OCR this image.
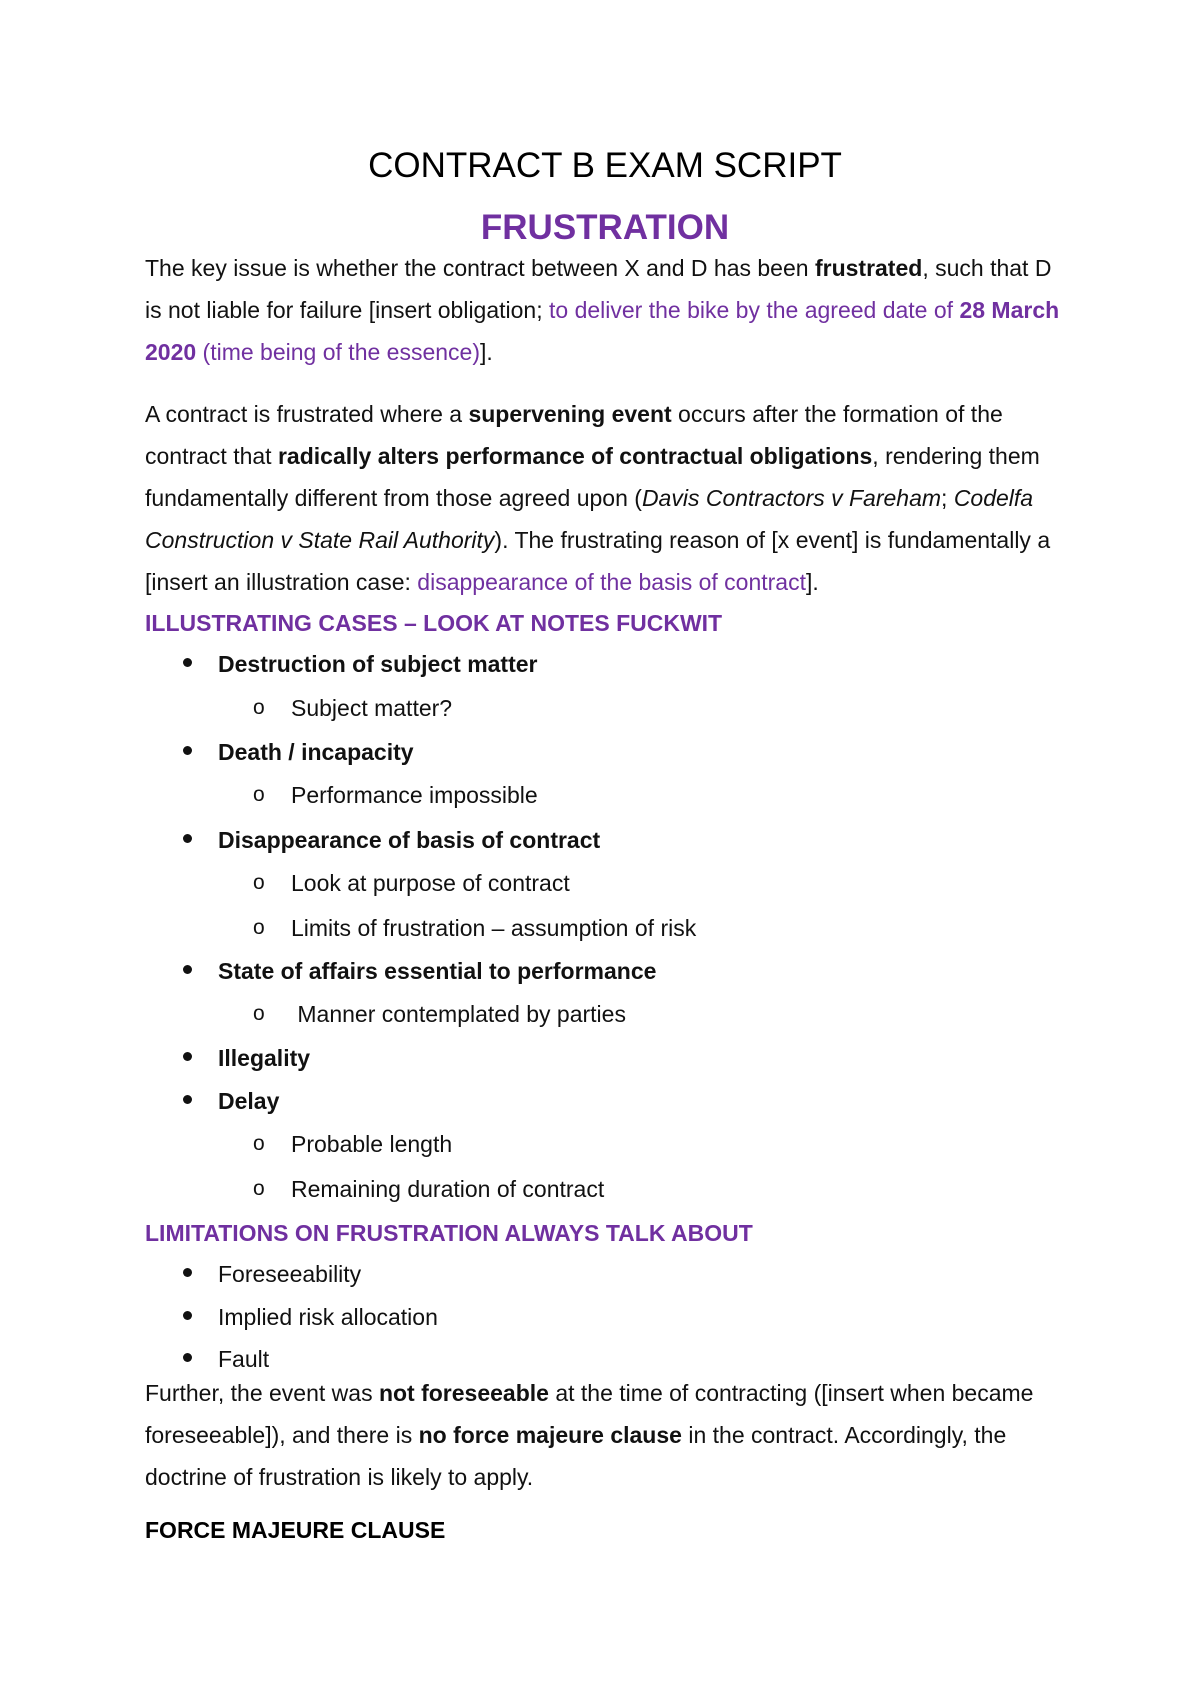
CONTRACT B EXAM SCRIPT
FRUSTRATION
The key issue is whether the contract between X and D has been frustrated, such that D is not liable for failure [insert obligation; to deliver the bike by the agreed date of 28 March 2020 (time being of the essence)].
A contract is frustrated where a supervening event occurs after the formation of the contract that radically alters performance of contractual obligations, rendering them fundamentally different from those agreed upon (Davis Contractors v Fareham; Codelfa Construction v State Rail Authority). The frustrating reason of [x event] is fundamentally a [insert an illustration case: disappearance of the basis of contract].
ILLUSTRATING CASES – LOOK AT NOTES FUCKWIT
Destruction of subject matter
o Subject matter?
Death / incapacity
o Performance impossible
Disappearance of basis of contract
o Look at purpose of contract
o Limits of frustration – assumption of risk
State of affairs essential to performance
o Manner contemplated by parties
Illegality
Delay
o Probable length
o Remaining duration of contract
LIMITATIONS ON FRUSTRATION ALWAYS TALK ABOUT
Foreseeability
Implied risk allocation
Fault
Further, the event was not foreseeable at the time of contracting ([insert when became foreseeable]), and there is no force majeure clause in the contract. Accordingly, the doctrine of frustration is likely to apply.
FORCE MAJEURE CLAUSE
